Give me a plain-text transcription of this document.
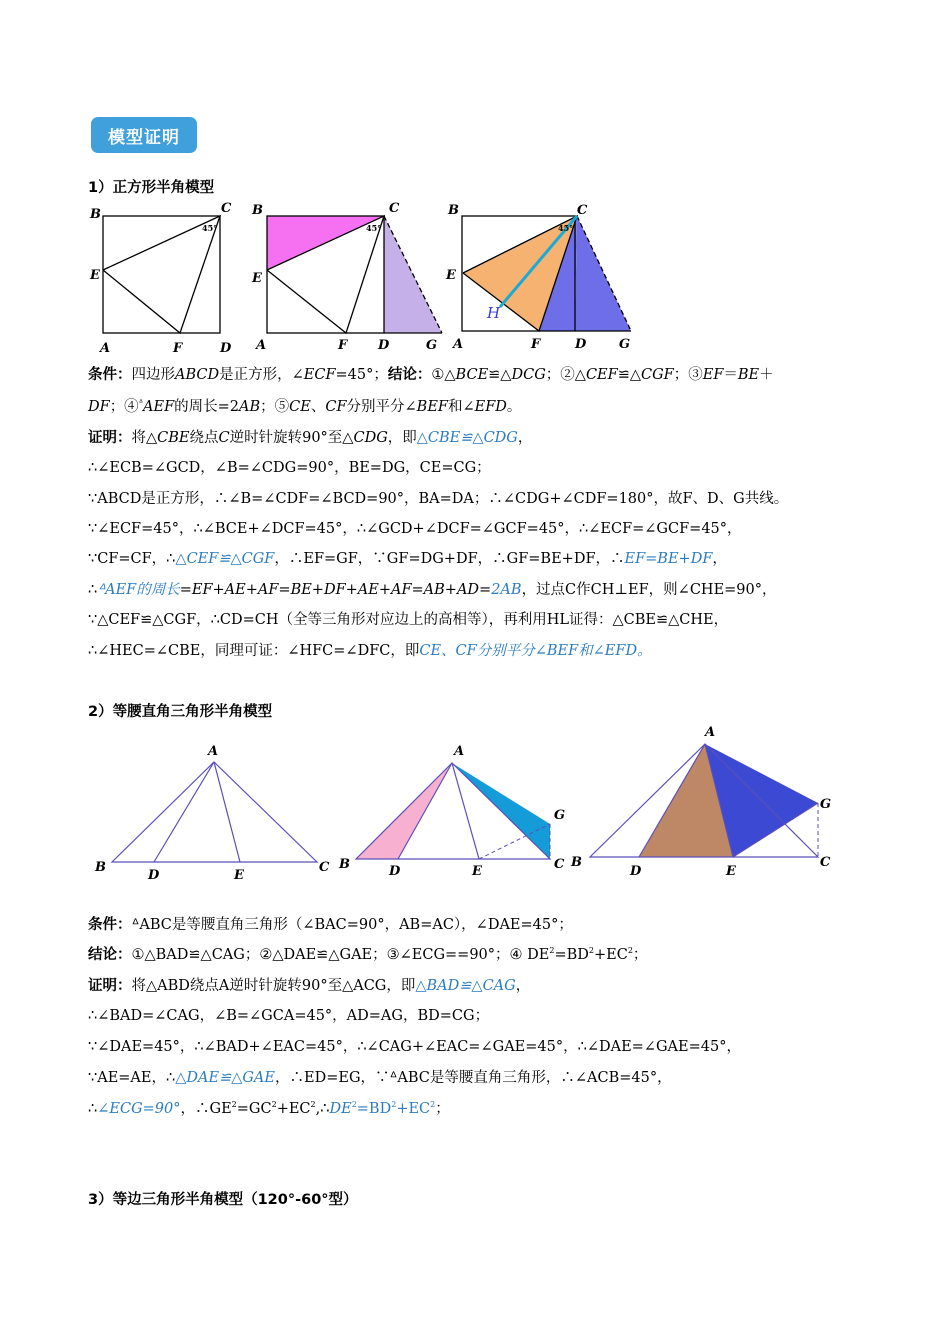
模型证明
1）正方形半角模型
B	C
E
A	F	D
45°
B	C
E
A	F D	G
45°
B	C
E
H
A	F	D	G
45°
条件：四边形ABCD是正方形，∠ECF=45°；结论：①△BCE≌△DCG；②△CEF≌△CGF；③EF＝BE＋
DF；④$^ᐞ$AEF的周长=2AB；⑤CE、CF分别平分∠BEF和∠EFD。
证明：将△CBE绕点C逆时针旋转90°至△CDG，即△CBE≌△CDG，
∴∠ECB=∠GCD，∠B=∠CDG=90°，BE=DG，CE=CG；
∵ABCD是正方形，∴∠B=∠CDF=∠BCD=90°，BA=DA；∴∠CDG+∠CDF=180°，故F、D、G共线。
∵∠ECF=45°，∴∠BCE+∠DCF=45°，∴∠GCD+∠DCF=∠GCF=45°，∴∠ECF=∠GCF=45°，
∵CF=CF，∴△CEF≌△CGF，∴EF=GF，∵GF=DG+DF，∴GF=BE+DF，∴EF=BE+DF，
∴ᐞAEF的周长=EF+AE+AF=BE+DF+AE+AF=AB+AD=2AB，过点C作CH⊥EF，则∠CHE=90°，
∵△CEF≌△CGF，∴CD=CH（全等三角形对应边上的高相等），再利用HL证得：△CBE≌△CHE，
∴∠HEC=∠CBE，同理可证：∠HFC=∠DFC，即CE、CF分别平分∠BEF和∠EFD。
2）等腰直角三角形半角模型
A
B
D	E
C
A
B	D	E
G
C
A
B
D	E
G
C
条件：ᐞABC是等腰直角三角形（∠BAC=90°，AB=AC），∠DAE=45°；
结论：①△BAD≌△CAG；②△DAE≌△GAE；③∠ECG==90°；④ $DE^2=BD^2+EC^2$；
证明：将△ABD绕点A逆时针旋转90°至△ACG，即△BAD≌△CAG，
∴∠BAD=∠CAG，∠B=∠GCA=45°，AD=AG，BD=CG；
∵∠DAE=45°，∴∠BAD+∠EAC=45°，∴∠CAG+∠EAC=∠GAE=45°，∴∠DAE=∠GAE=45°，
∵AE=AE，∴△DAE≌△GAE，∴ED=EG，∵ᐞABC是等腰直角三角形，∴∠ACB=45°，
∴∠ECG=90°，$\therefore GE^2=GC^2+EC^2,\therefore DE^2=BD^2+EC^2$；
3）等边三角形半角模型（120°-60°型）
